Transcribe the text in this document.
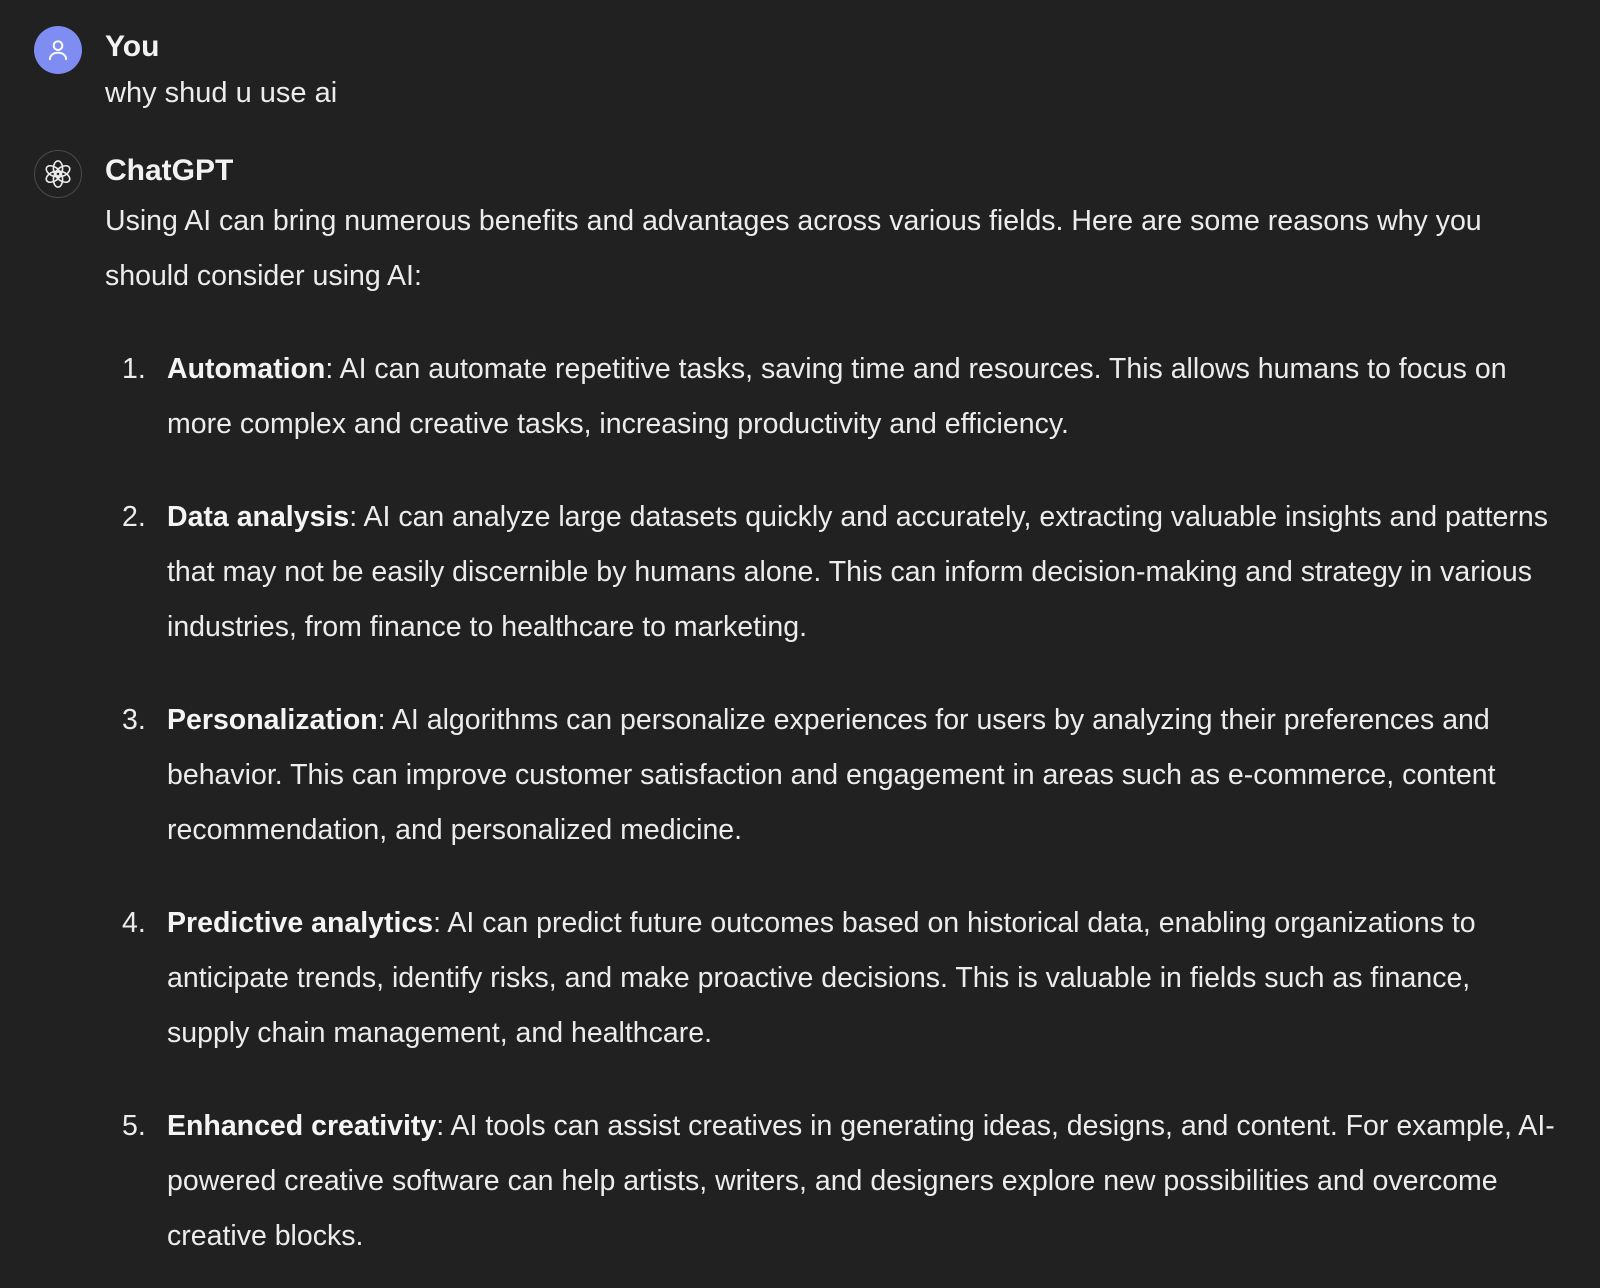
You
why shud u use ai
ChatGPT
Using AI can bring numerous benefits and advantages across various fields. Here are some reasons why you should consider using AI:
1. Automation: AI can automate repetitive tasks, saving time and resources. This allows humans to focus on more complex and creative tasks, increasing productivity and efficiency.
2. Data analysis: AI can analyze large datasets quickly and accurately, extracting valuable insights and patterns that may not be easily discernible by humans alone. This can inform decision-making and strategy in various industries, from finance to healthcare to marketing.
3. Personalization: AI algorithms can personalize experiences for users by analyzing their preferences and behavior. This can improve customer satisfaction and engagement in areas such as e-commerce, content recommendation, and personalized medicine.
4. Predictive analytics: AI can predict future outcomes based on historical data, enabling organizations to anticipate trends, identify risks, and make proactive decisions. This is valuable in fields such as finance, supply chain management, and healthcare.
5. Enhanced creativity: AI tools can assist creatives in generating ideas, designs, and content. For example, AI-powered creative software can help artists, writers, and designers explore new possibilities and overcome creative blocks.
